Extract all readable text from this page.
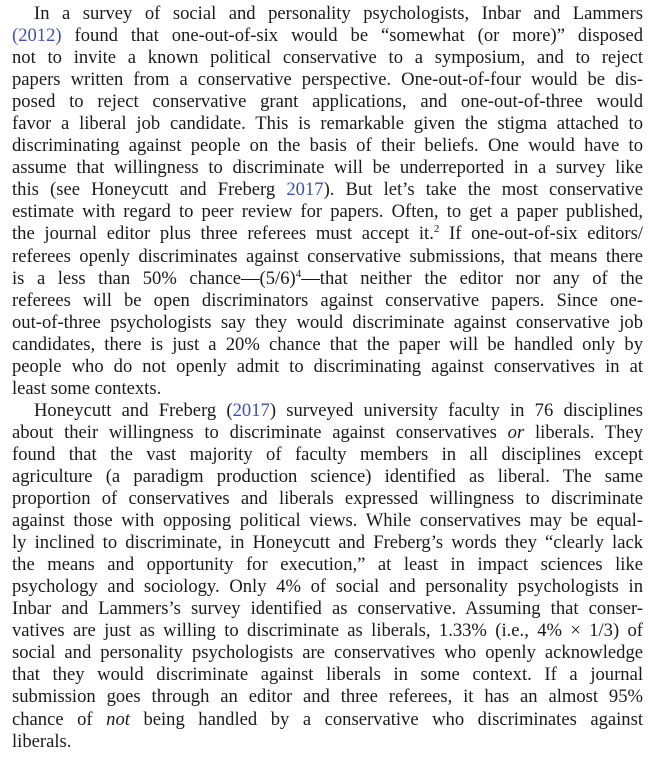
In a survey of social and personality psychologists, Inbar and Lammers
(2012) found that one-out-of-six would be “somewhat (or more)” disposed
not to invite a known political conservative to a symposium, and to reject
papers written from a conservative perspective. One-out-of-four would be dis-
posed to reject conservative grant applications, and one-out-of-three would
favor a liberal job candidate. This is remarkable given the stigma attached to
discriminating against people on the basis of their beliefs. One would have to
assume that willingness to discriminate will be underreported in a survey like
this (see Honeycutt and Freberg 2017). But let’s take the most conservative
estimate with regard to peer review for papers. Often, to get a paper published,
the journal editor plus three referees must accept it.$^2$ If one-out-of-six editors/
referees openly discriminates against conservative submissions, that means there
is a less than 50% $chance—(5/6)^4—that$ neither the editor nor any of the
referees will be open discriminators against conservative papers. Since one-
out-of-three psychologists say they would discriminate against conservative job
candidates, there is just a 20% chance that the paper will be handled only by
people who do not openly admit to discriminating against conservatives in at
least some contexts.
Honeycutt and Freberg (2017) surveyed university faculty in 76 disciplines
about their willingness to discriminate against conservatives or liberals. They
found that the vast majority of faculty members in all disciplines except
agriculture (a paradigm production science) identified as liberal. The same
proportion of conservatives and liberals expressed willingness to discriminate
against those with opposing political views. While conservatives may be equal-
ly inclined to discriminate, in Honeycutt and Freberg’s words they “clearly lack
the means and opportunity for execution,” at least in impact sciences like
psychology and sociology. Only 4% of social and personality psychologists in
Inbar and Lammers’s survey identified as conservative. Assuming that conser-
vatives are just as willing to discriminate as liberals, 1.33% (i.e., 4% × 1/3) of
social and personality psychologists are conservatives who openly acknowledge
that they would discriminate against liberals in some context. If a journal
submission goes through an editor and three referees, it has an almost 95%
chance of not being handled by a conservative who discriminates against
liberals.
